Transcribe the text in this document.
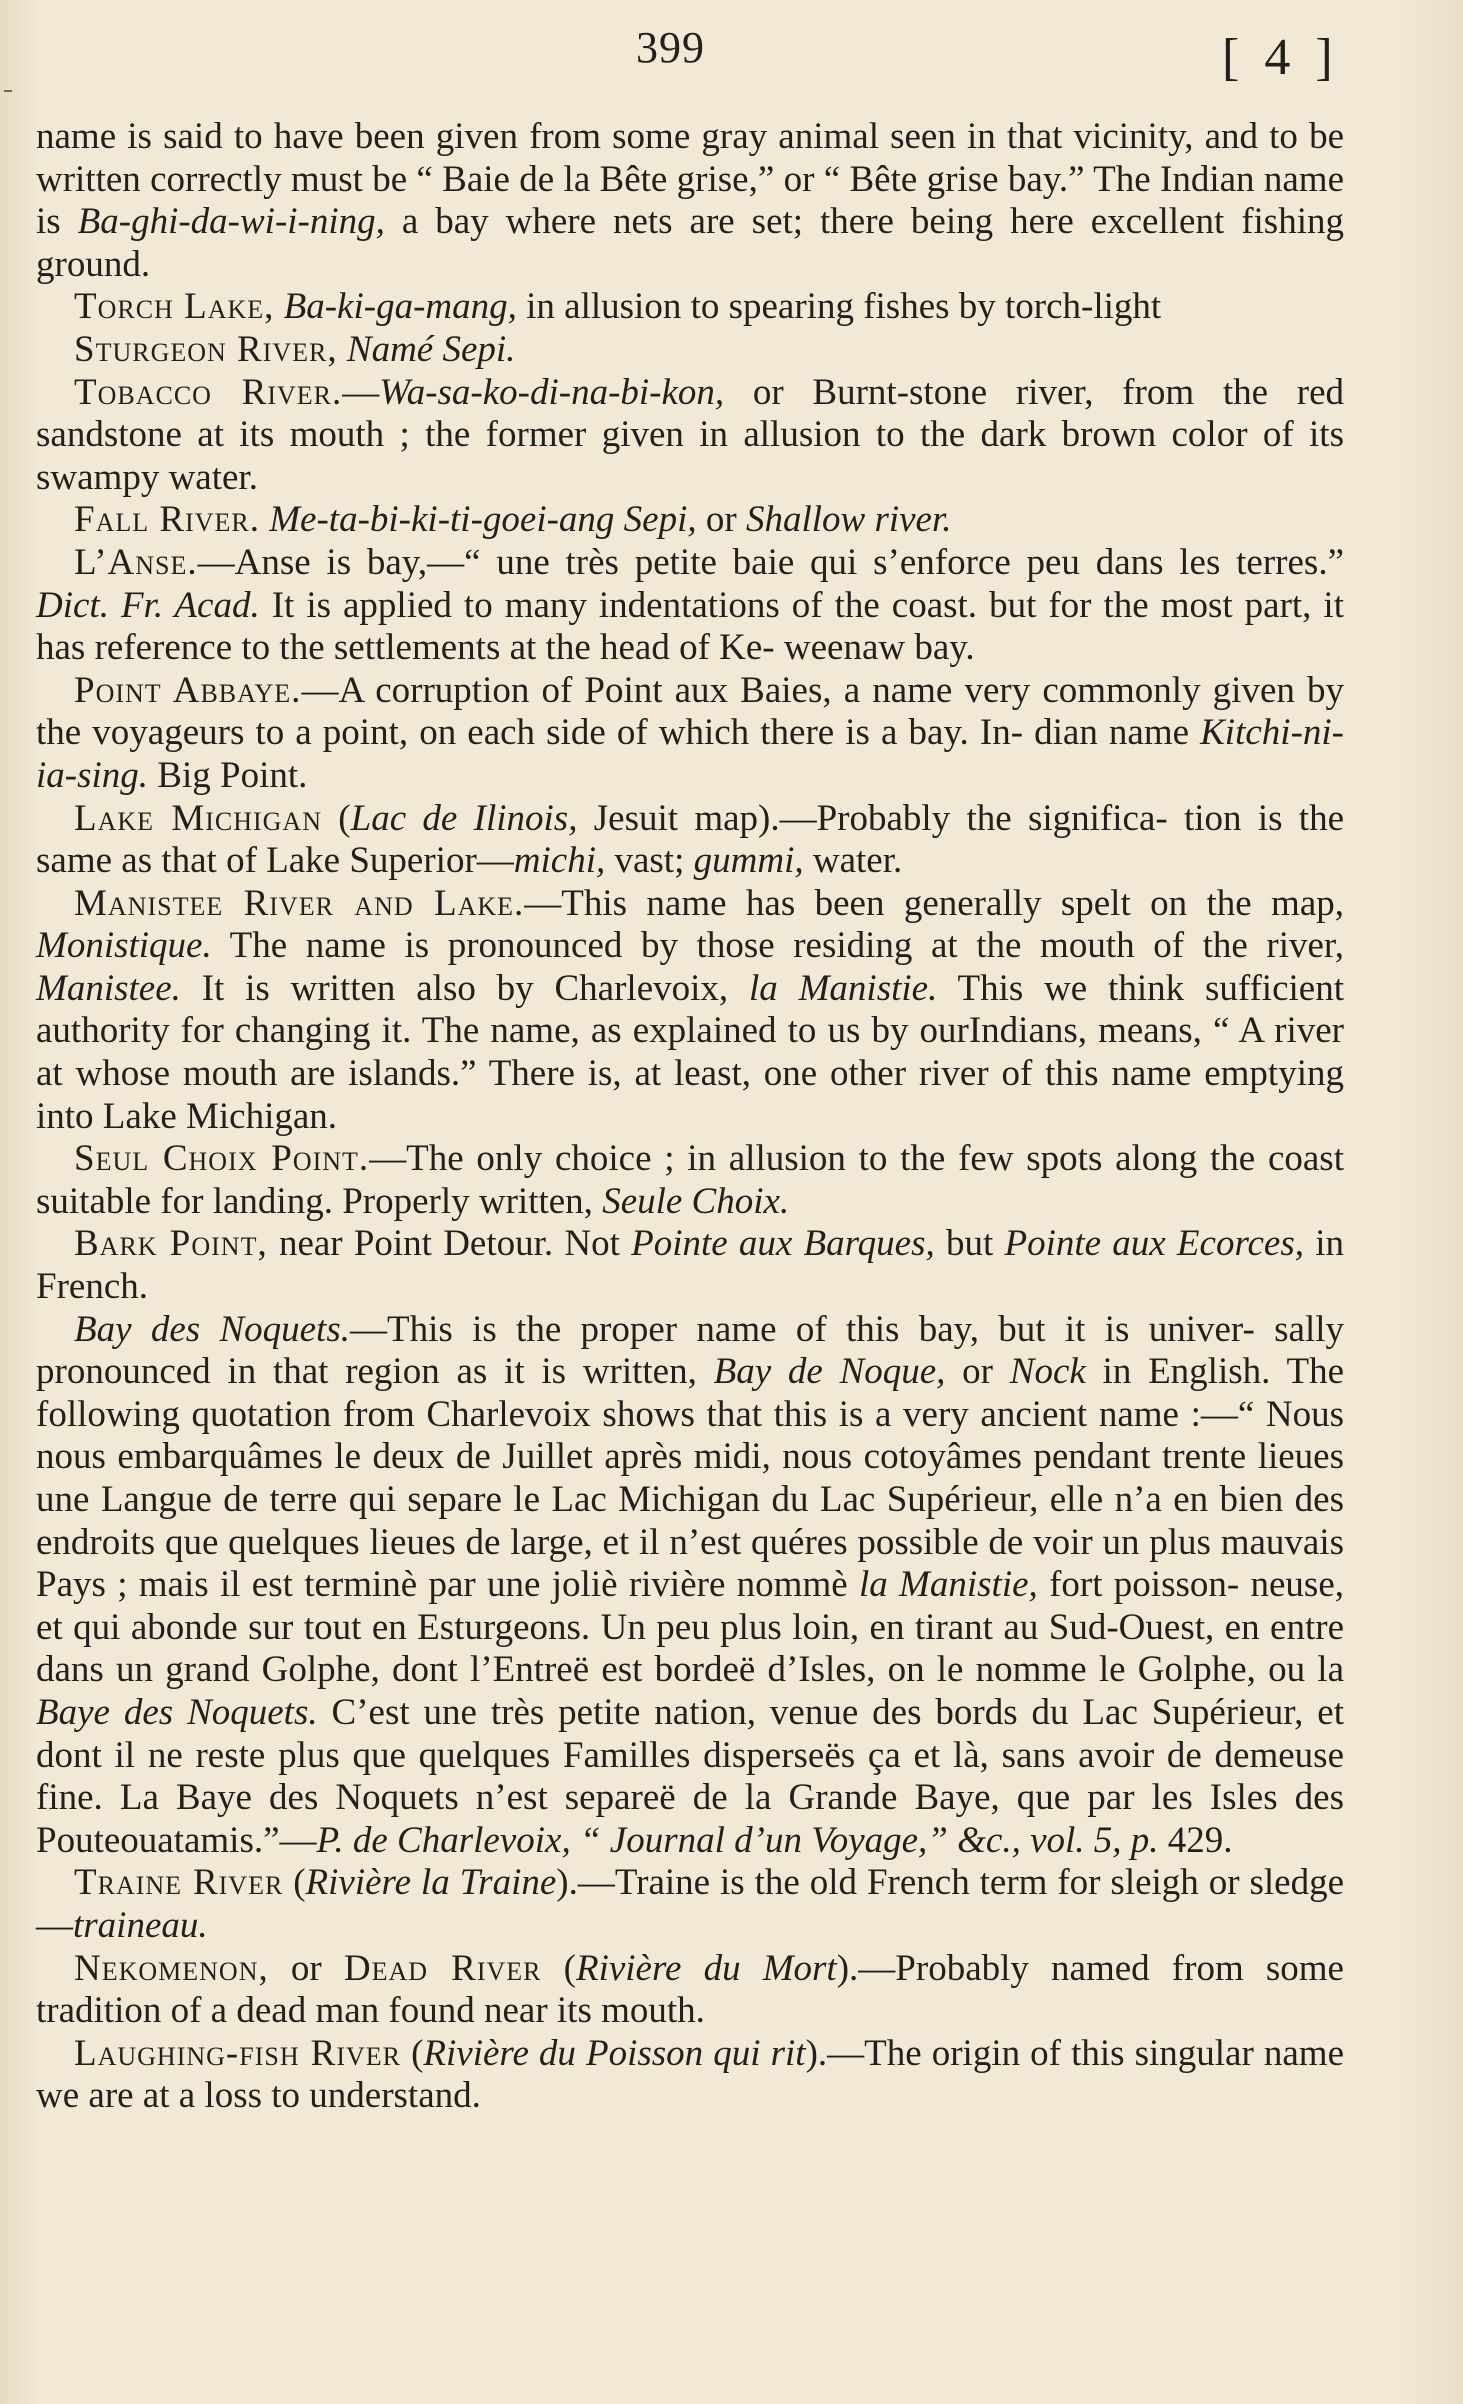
399	[ 4 ]

name is said to have been given from some gray animal seen in that vicinity, and to be written correctly must be “ Baie de la Bête grise,” or “ Bête grise bay.” The Indian name is Ba-ghi-da-wi-i-ning, a bay where nets are set; there being here excellent fishing ground.

Torch Lake, Ba-ki-ga-mang, in allusion to spearing fishes by torch-light

Sturgeon River, Namé Sepi.

Tobacco River.—Wa-sa-ko-di-na-bi-kon, or Burnt-stone river, from the red sandstone at its mouth ; the former given in allusion to the dark brown color of its swampy water.

Fall River. Me-ta-bi-ki-ti-goei-ang Sepi, or Shallow river.

L’Anse.—Anse is bay,—“ une très petite baie qui s’enforce peu dans les terres.” Dict. Fr. Acad. It is applied to many indentations of the coast. but for the most part, it has reference to the settlements at the head of Ke- weenaw bay.

Point Abbaye.—A corruption of Point aux Baies, a name very commonly given by the voyageurs to a point, on each side of which there is a bay. In- dian name Kitchi-ni-ia-sing. Big Point.

Lake Michigan (Lac de Ilinois, Jesuit map).—Probably the significa- tion is the same as that of Lake Superior—michi, vast; gummi, water.

Manistee River and Lake.—This name has been generally spelt on the map, Monistique. The name is pronounced by those residing at the mouth of the river, Manistee. It is written also by Charlevoix, la Manistie. This we think sufficient authority for changing it. The name, as explained to us by ourIndians, means, “ A river at whose mouth are islands.” There is, at least, one other river of this name emptying into Lake Michigan.

Seul Choix Point.—The only choice ; in allusion to the few spots along the coast suitable for landing. Properly written, Seule Choix.

Bark Point, near Point Detour. Not Pointe aux Barques, but Pointe aux Ecorces, in French.

Bay des Noquets.—This is the proper name of this bay, but it is univer- sally pronounced in that region as it is written, Bay de Noque, or Nock in English. The following quotation from Charlevoix shows that this is a very ancient name :—“ Nous nous embarquâmes le deux de Juillet après midi, nous cotoyâmes pendant trente lieues une Langue de terre qui separe le Lac Michigan du Lac Supérieur, elle n’a en bien des endroits que quelques lieues de large, et il n’est quéres possible de voir un plus mauvais Pays ; mais il est terminè par une joliè rivière nommè la Manistie, fort poisson- neuse, et qui abonde sur tout en Esturgeons. Un peu plus loin, en tirant au Sud-Ouest, en entre dans un grand Golphe, dont l’Entreë est bordeë d’Isles, on le nomme le Golphe, ou la Baye des Noquets. C’est une très petite nation, venue des bords du Lac Supérieur, et dont il ne reste plus que quelques Familles disperseës ça et là, sans avoir de demeuse fine. La Baye des Noquets n’est separeë de la Grande Baye, que par les Isles des Pouteouatamis.”—P. de Charlevoix, “ Journal d’un Voyage,” &c., vol. 5, p. 429.

Traine River (Rivière la Traine).—Traine is the old French term for sleigh or sledge—traineau.

Nekomenon, or Dead River (Rivière du Mort).—Probably named from some tradition of a dead man found near its mouth.

Laughing-fish River (Rivière du Poisson qui rit).—The origin of this singular name we are at a loss to understand.
